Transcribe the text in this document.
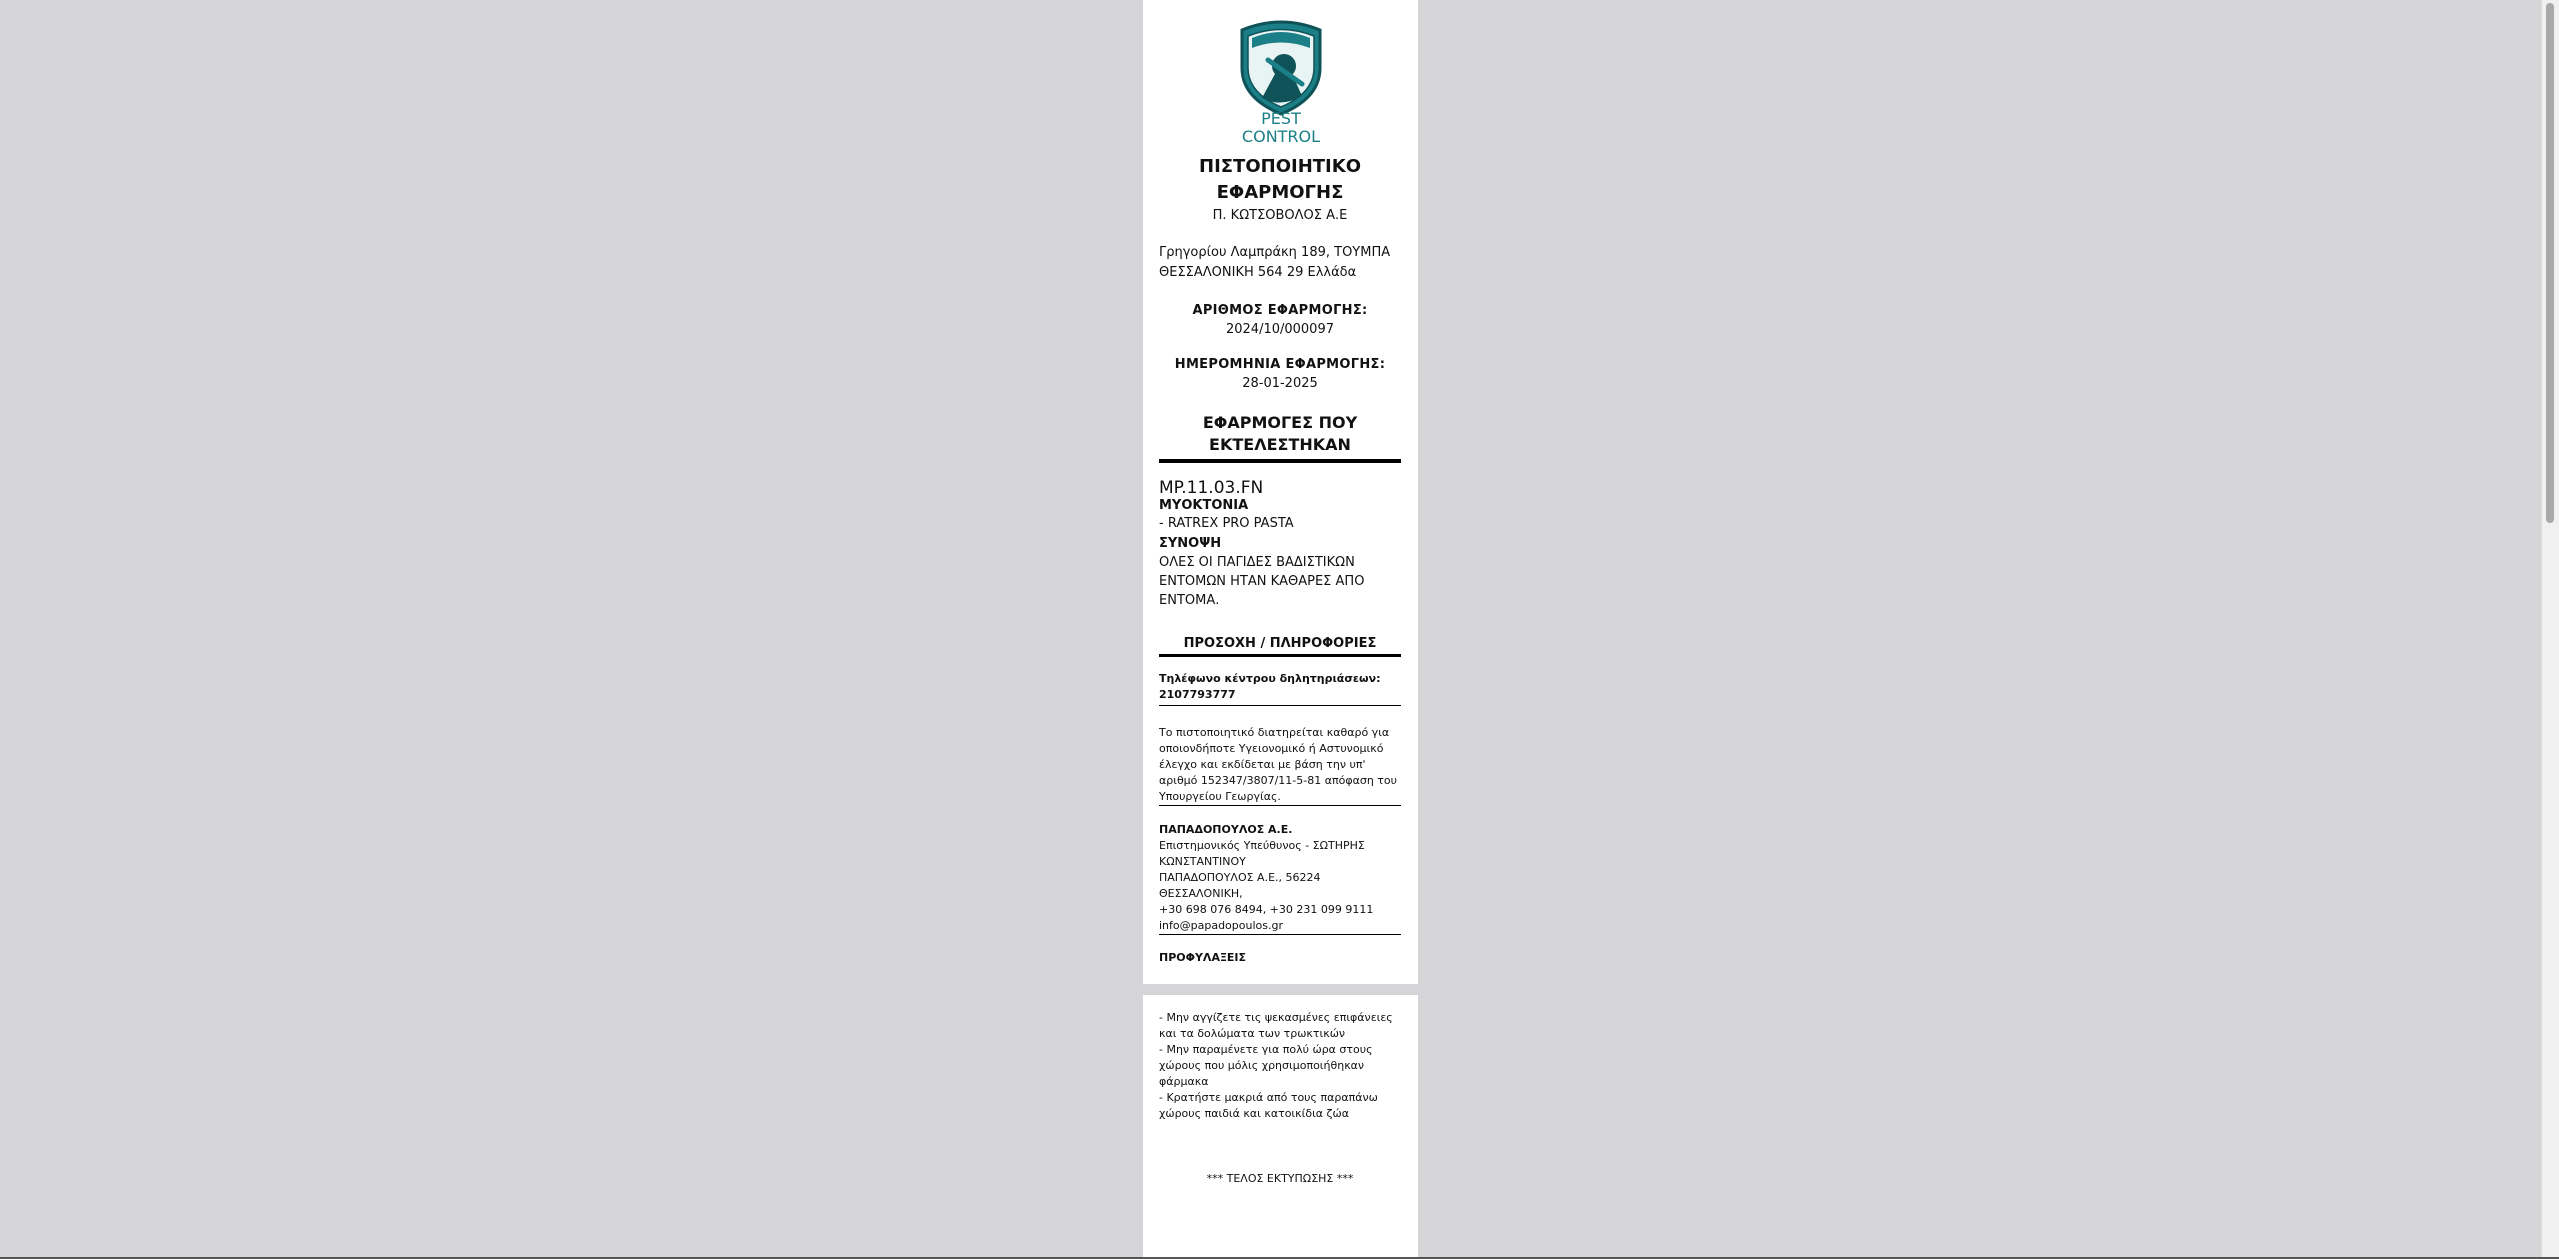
PEST
CONTROL
ΠΙΣΤΟΠΟΙΗΤΙΚΟ ΕΦΑΡΜΟΓΗΣ
Π. ΚΩΤΣΟΒΟΛΟΣ Α.Ε
Γρηγορίου Λαμπράκη 189, ΤΟΥΜΠΑ ΘΕΣΣΑΛΟΝΙΚΗ 564 29 Ελλάδα
ΑΡΙΘΜΟΣ ΕΦΑΡΜΟΓΗΣ:
2024/10/000097
ΗΜΕΡΟΜΗΝΙΑ ΕΦΑΡΜΟΓΗΣ:
28-01-2025
ΕΦΑΡΜΟΓΕΣ ΠΟΥ ΕΚΤΕΛΕΣΤΗΚΑΝ
MP.11.03.FN
ΜΥΟΚΤΟΝΙΑ
- RATREX PRO PASTA
ΣΥΝΟΨΗ
ΟΛΕΣ ΟΙ ΠΑΓΙΔΕΣ ΒΑΔΙΣΤΙΚΩΝ ΕΝΤΟΜΩΝ ΗΤΑΝ ΚΑΘΑΡΕΣ ΑΠΟ ΕΝΤΟΜΑ.
ΠΡΟΣΟΧΗ / ΠΛΗΡΟΦΟΡΙΕΣ
Τηλέφωνο κέντρου δηλητηριάσεων: 2107793777
Το πιστοποιητικό διατηρείται καθαρό για οποιονδήποτε Υγειονομικό ή Αστυνομικό έλεγχο και εκδίδεται με βάση την υπ' αριθμό 152347/3807/11-5-81 απόφαση του Υπουργείου Γεωργίας.
ΠΑΠΑΔΟΠΟΥΛΟΣ Α.Ε.
Επιστημονικός Υπεύθυνος - ΣΩΤΗΡΗΣ ΚΩΝΣΤΑΝΤΙΝΟΥ
ΠΑΠΑΔΟΠΟΥΛΟΣ Α.Ε., 56224 ΘΕΣΣΑΛΟΝΙΚΗ,
+30 698 076 8494, +30 231 099 9111
info@papadopoulos.gr
ΠΡΟΦΥΛΑΞΕΙΣ
- Μην αγγίζετε τις ψεκασμένες επιφάνειες και τα δολώματα των τρωκτικών
- Μην παραμένετε για πολύ ώρα στους χώρους που μόλις χρησιμοποιήθηκαν φάρμακα
- Κρατήστε μακριά από τους παραπάνω χώρους παιδιά και κατοικίδια ζώα
*** ΤΕΛΟΣ ΕΚΤΥΠΩΣΗΣ ***
